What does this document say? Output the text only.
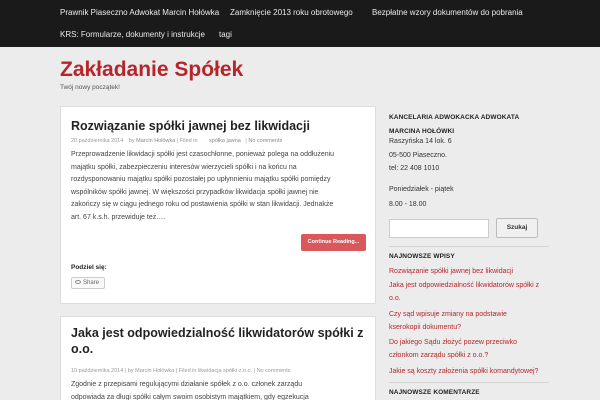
Prawnik Piaseczno Adwokat Marcin Hołówka Zamknięcie 2013 roku obrotowego Bezpłatne wzory dokumentów do pobrania
KRS: Formularze, dokumenty i instrukcje tagi
Zakładanie Spółek
Twój nowy początek!
Rozwiązanie spółki jawnej bez likwidacji
20 października 2014 by Marcin Hołówka | Filed in spółka jawna | No comments
Przeprowadzenie likwidacji spółki jest czasochłonne, ponieważ polega na oddłużeniu
majątku spółki, zabezpieczeniu interesów wierzycieli spółki i na końcu na
rozdysponowaniu majątku spółki pozostałej po upłynnieniu majątku spółki pomiędzy
wspólników spółki jawnej. W większości przypadków likwidacja spółki jawnej nie
zakończy się w ciągu jednego roku od postawienia spółki w stan likwidacji. Jednakże
art. 67 k.s.h. przewiduje też….
Continue Reading...
Podziel się:
Share
Jaka jest odpowiedzialność likwidatorów spółki z
o.o.
10 października 2014 | by Marcin Hołówka | Filed in likwidacja spółki z.o.o. | No comments
Zgodnie z przepisami regulującymi działanie spółek z o.o. członek zarządu
odpowiada za długi spółki całym swoim osobistym majątkiem, gdy egzekucja
KANCELARIA ADWOKACKA ADWOKATA
MARCINA HOŁÓWKI
Raszyńska 14 lok. 6
05-500 Piaseczno.
tel: 22 408 1010
Poniedziałek - piątek
8.00 - 18.00
Szukaj
NAJNOWSZE WPISY
Rozwiązanie spółki jawnej bez likwidacji
Jaka jest odpowiedzialność likwidatorów spółki z
o.o.
Czy sąd wpisuje zmiany na podstawie
kserokopii dokumentu?
Do jakiego Sądu złożyć pozew przeciwko
członkom zarządu spółki z o.o.?
Jakie są koszty założenia spółki komandytowej?
NAJNOWSZE KOMENTARZE
